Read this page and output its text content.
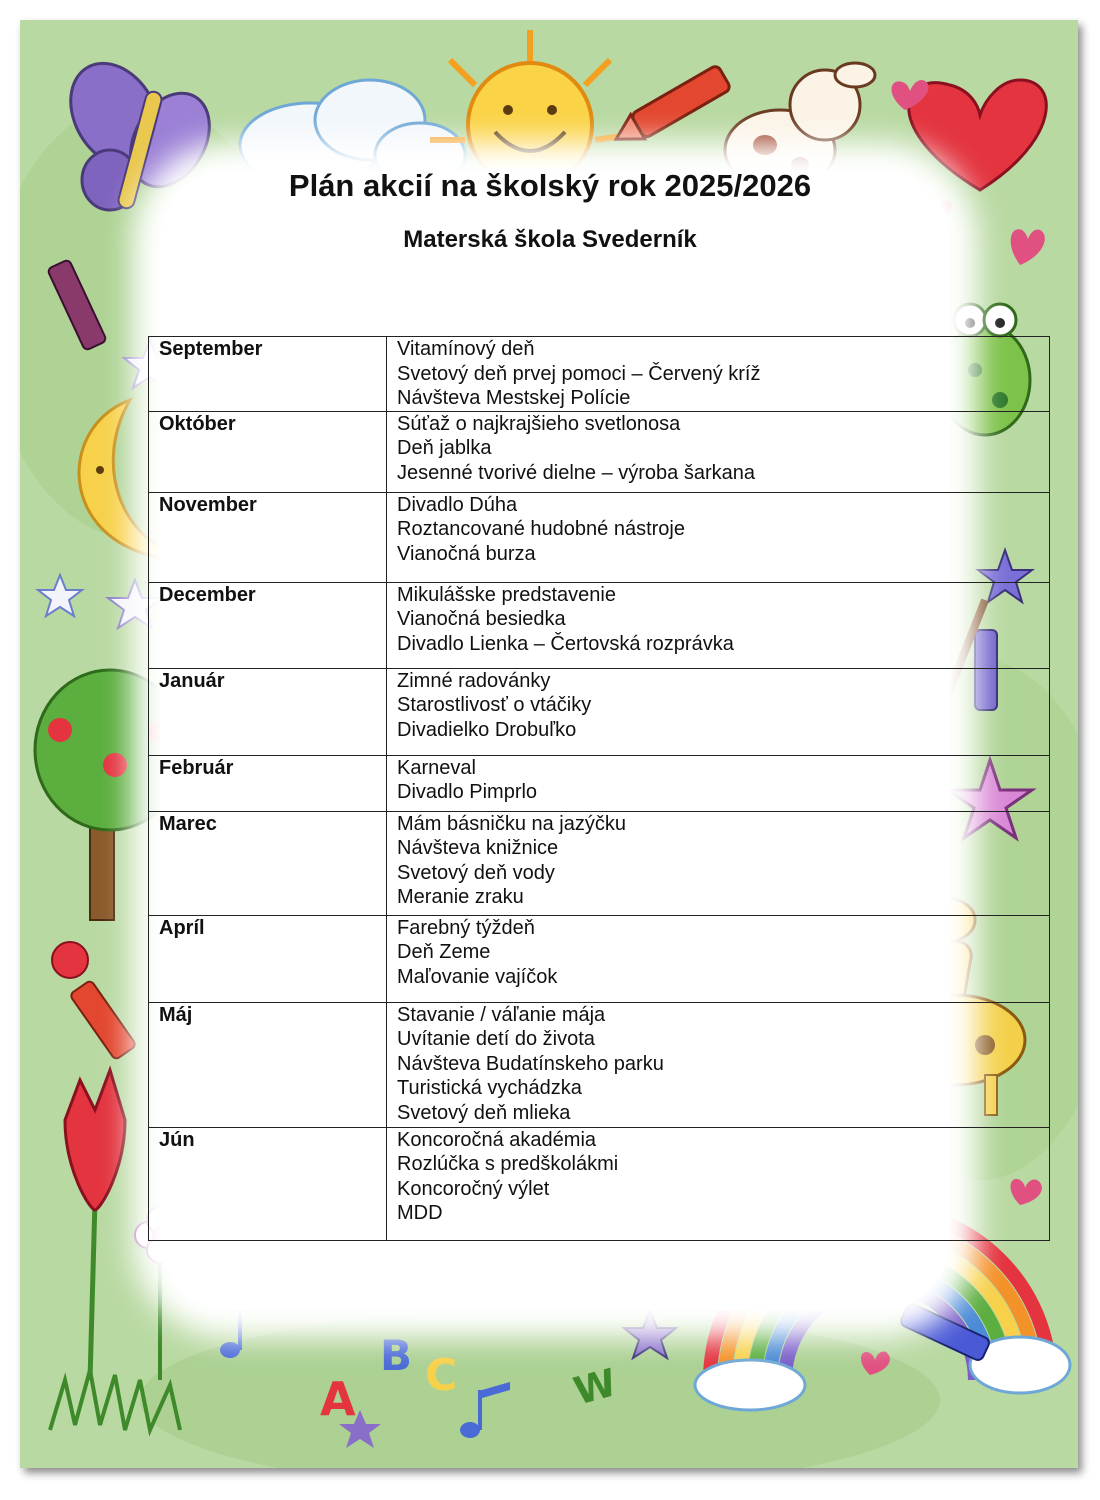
A
B C	W
Plán akcií na školský rok 2025/2026
Materská škola Svederník
September	Vitamínový deň
Svetový deň prvej pomoci – Červený kríž
Návšteva Mestskej Polície

Október	Súťaž o najkrajšieho svetlonosa
Deň jablka
Jesenné tvorivé dielne – výroba šarkana

November	Divadlo Dúha
Roztancované hudobné nástroje
Vianočná burza

December	Mikulášske predstavenie
Vianočná besiedka
Divadlo Lienka – Čertovská rozprávka

Január	Zimné radovánky
Starostlivosť o vtáčiky
Divadielko Drobuľko

Február	Karneval
Divadlo Pimprlo

Marec	Mám básničku na jazýčku
Návšteva knižnice
Svetový deň vody
Meranie zraku

Apríl	Farebný týždeň
Deň Zeme
Maľovanie vajíčok

Máj	Stavanie / váľanie mája
Uvítanie detí do života
Návšteva Budatínskeho parku
Turistická vychádzka
Svetový deň mlieka

Jún	Koncoročná akadémia
Rozlúčka s predškolákmi
Koncoročný výlet
MDD
